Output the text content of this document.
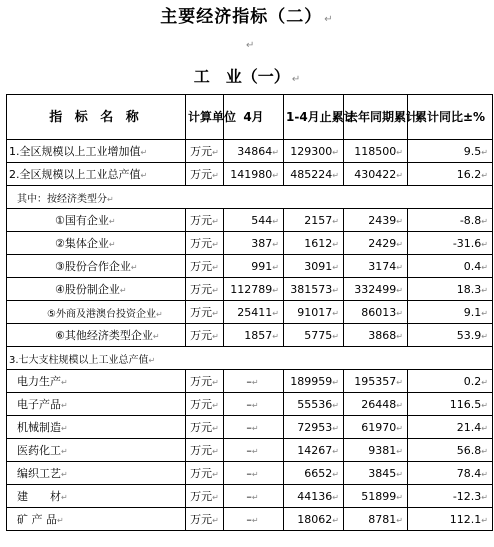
主要经济指标（二） ↵
↵
工　业（一） ↵
指 标 名 称	计算单位	4月	1-4月止累计	去年同期累计	累计同比±%
1.全区规模以上工业增加值↵	万元↵	34864↵	129300↵	118500↵	9.5↵
2.全区规模以上工业总产值↵	万元↵	141980↵	485224↵	430422↵	16.2↵
其中：按经济类型分↵					
①国有企业↵	万元↵	544↵	2157↵	2439↵	-8.8↵
②集体企业↵	万元↵	387↵	1612↵	2429↵	-31.6↵
③股份合作企业↵	万元↵	991↵	3091↵	3174↵	0.4↵
④股份制企业↵	万元↵	112789↵	381573↵	332499↵	18.3↵
⑤外商及港澳台投资企业↵	万元↵	25411↵	91017↵	86013↵	9.1↵
⑥其他经济类型企业↵	万元↵	1857↵	5775↵	3868↵	53.9↵
3.七大支柱规模以上工业总产值↵					
电力生产↵	万元↵	–↵	189959↵	195357↵	0.2↵
电子产品↵	万元↵	–↵	55536↵	26448↵	116.5↵
机械制造↵	万元↵	–↵	72953↵	61970↵	21.4↵
医药化工↵	万元↵	–↵	14267↵	9381↵	56.8↵
编织工艺↵	万元↵	–↵	6652↵	3845↵	78.4↵
建　　材↵	万元↵	–↵	44136↵	51899↵	-12.3↵
矿 产 品↵	万元↵	–↵	18062↵	8781↵	112.1↵
